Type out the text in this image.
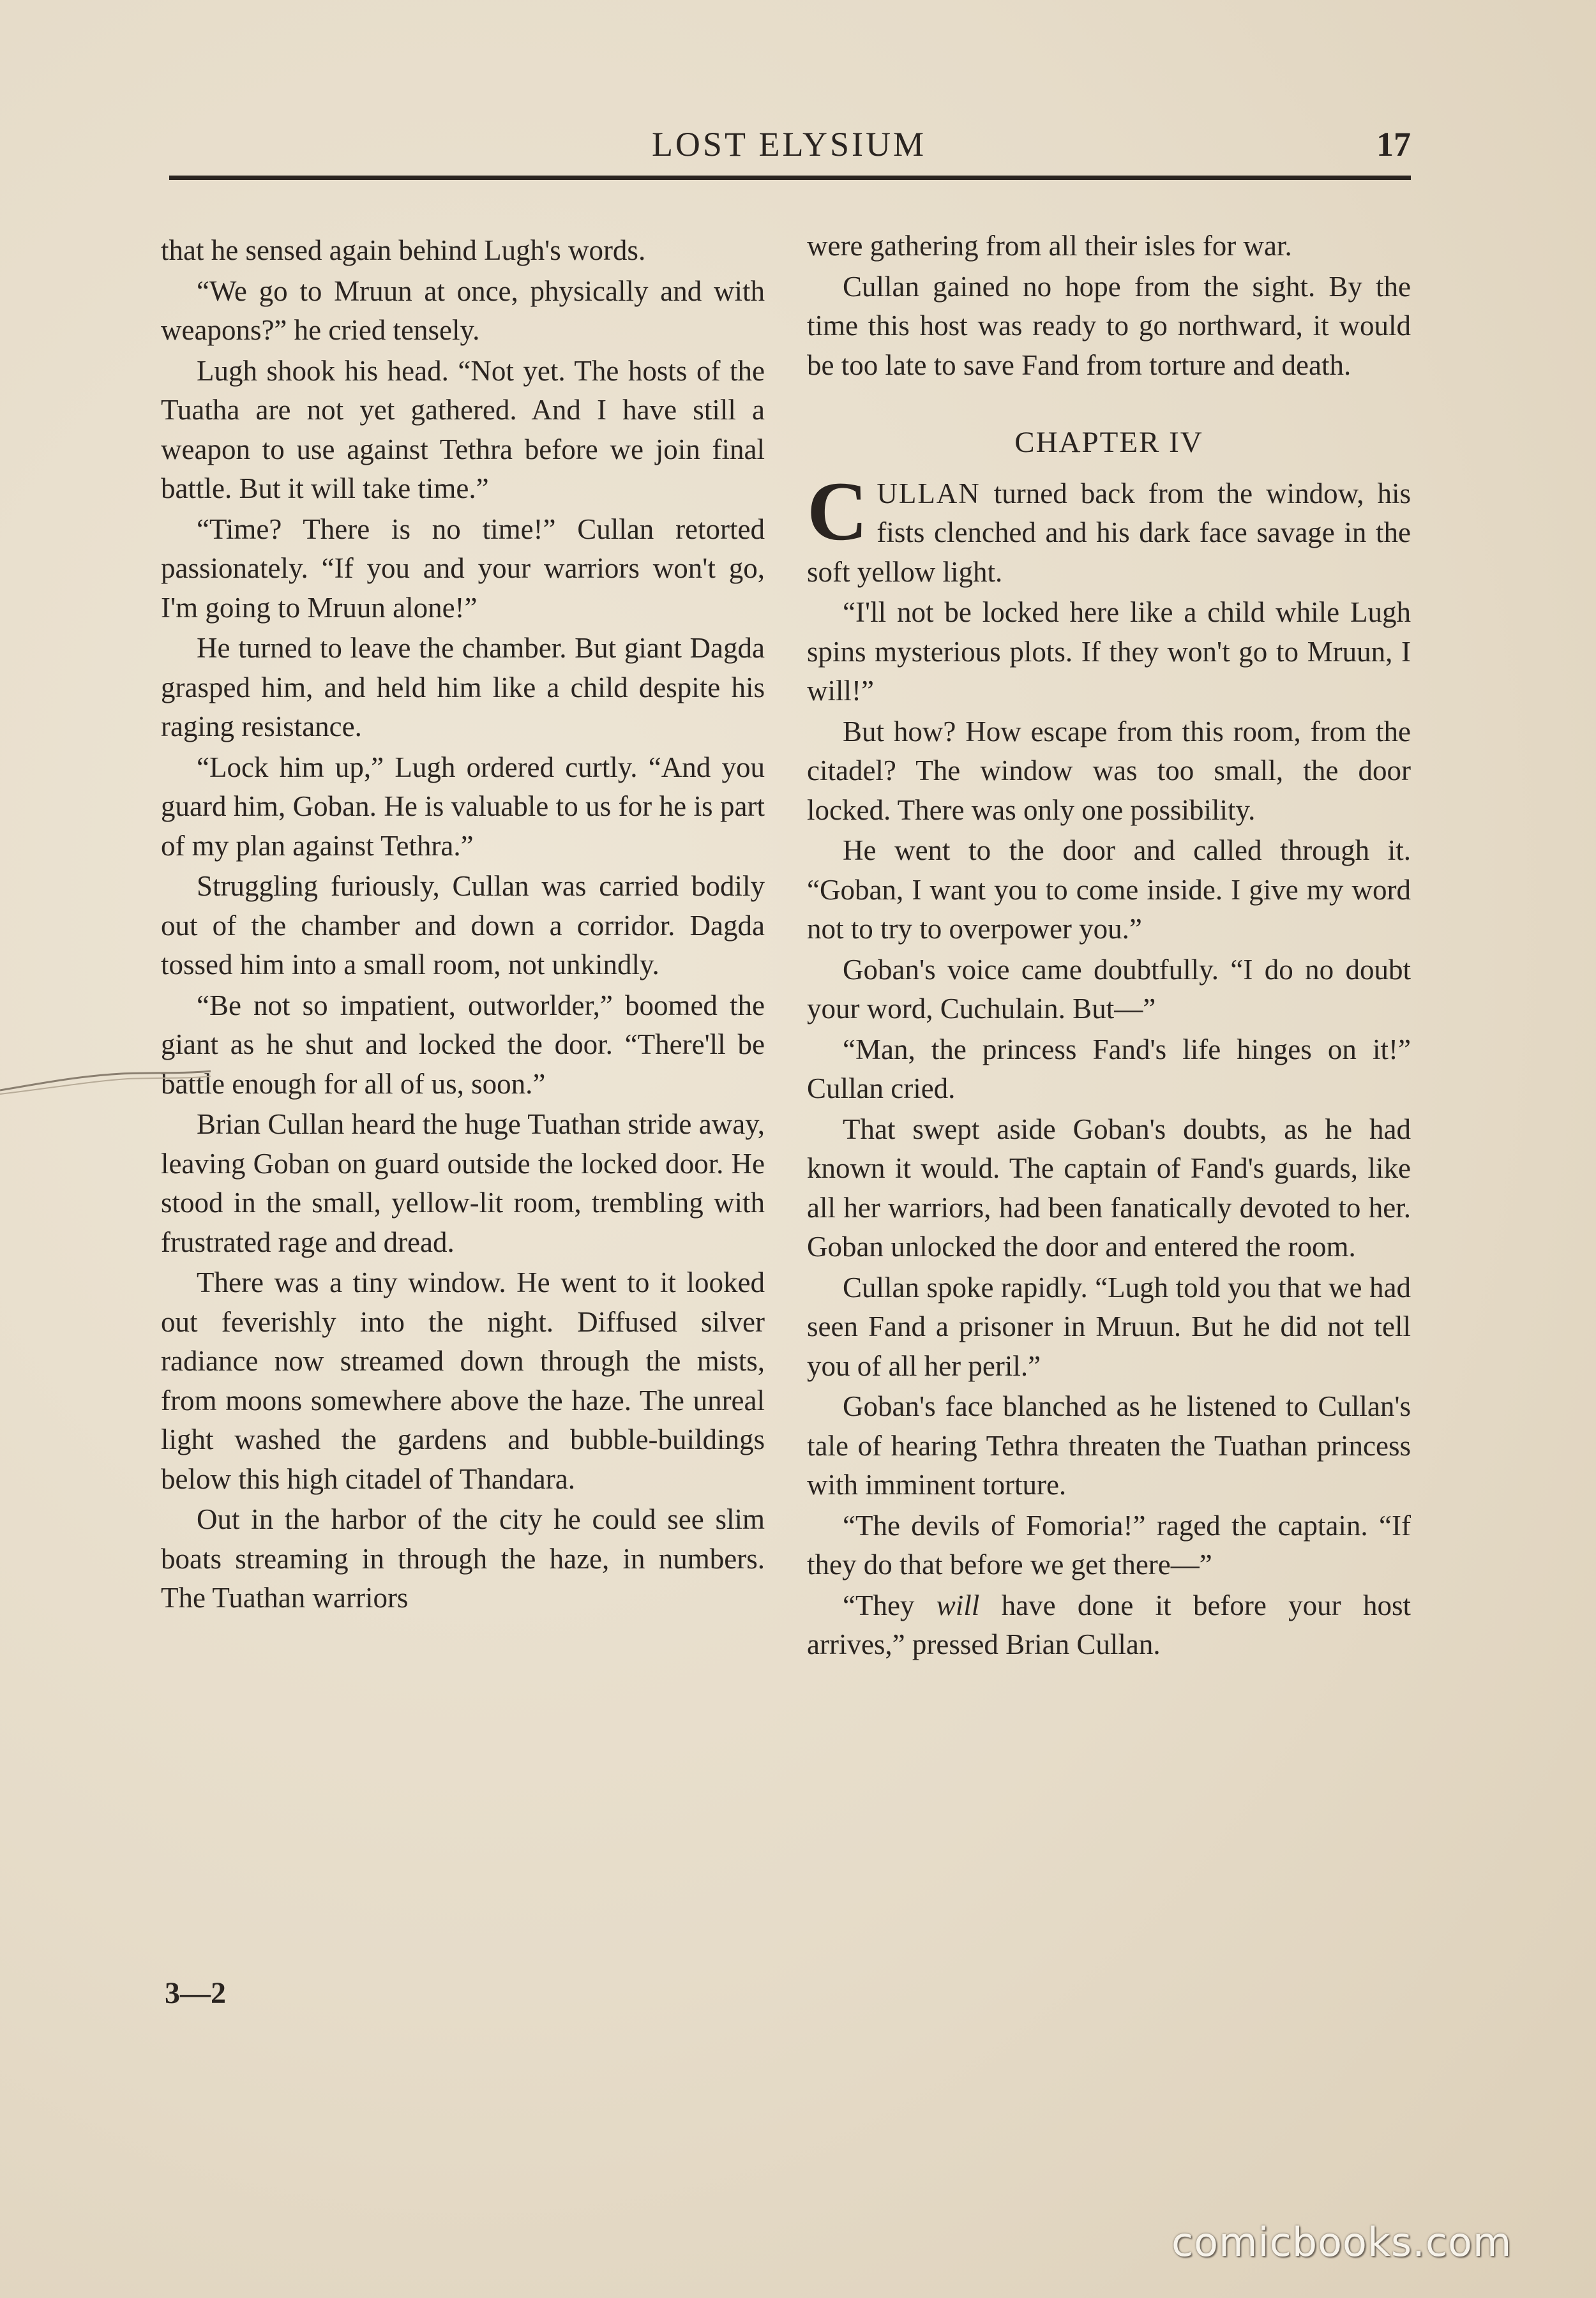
LOST ELYSIUM	17

that he sensed again behind Lugh's words.

“We go to Mruun at once, physically and with weapons?” he cried tensely.

Lugh shook his head. “Not yet. The hosts of the Tuatha are not yet gathered. And I have still a weapon to use against Tethra before we join final battle. But it will take time.”

“Time? There is no time!” Cullan retorted passionately. “If you and your warriors won't go, I'm going to Mruun alone!”

He turned to leave the chamber. But giant Dagda grasped him, and held him like a child despite his raging resistance.

“Lock him up,” Lugh ordered curtly. “And you guard him, Goban. He is valuable to us for he is part of my plan against Tethra.”

Struggling furiously, Cullan was carried bodily out of the chamber and down a corridor. Dagda tossed him into a small room, not unkindly.

“Be not so impatient, outworlder,” boomed the giant as he shut and locked the door. “There'll be battle enough for all of us, soon.”

Brian Cullan heard the huge Tuathan stride away, leaving Goban on guard outside the locked door. He stood in the small, yellow-lit room, trembling with frustrated rage and dread.

There was a tiny window. He went to it looked out feverishly into the night. Diffused silver radiance now streamed down through the mists, from moons somewhere above the haze. The unreal light washed the gardens and bubble-buildings below this high citadel of Thandara.

Out in the harbor of the city he could see slim boats streaming in through the haze, in numbers. The Tuathan warriors

were gathering from all their isles for war.

Cullan gained no hope from the sight. By the time this host was ready to go northward, it would be too late to save Fand from torture and death.

CHAPTER IV

CULLAN turned back from the window, his fists clenched and his dark face savage in the soft yellow light.

“I'll not be locked here like a child while Lugh spins mysterious plots. If they won't go to Mruun, I will!”

But how? How escape from this room, from the citadel? The window was too small, the door locked. There was only one possibility.

He went to the door and called through it. “Goban, I want you to come inside. I give my word not to try to overpower you.”

Goban's voice came doubtfully. “I do no doubt your word, Cuchulain. But—”

“Man, the princess Fand's life hinges on it!” Cullan cried.

That swept aside Goban's doubts, as he had known it would. The captain of Fand's guards, like all her warriors, had been fanatically devoted to her. Goban unlocked the door and entered the room.

Cullan spoke rapidly. “Lugh told you that we had seen Fand a prisoner in Mruun. But he did not tell you of all her peril.”

Goban's face blanched as he listened to Cullan's tale of hearing Tethra threaten the Tuathan princess with imminent torture.

“The devils of Fomoria!” raged the captain. “If they do that before we get there—”

“They will have done it before your host arrives,” pressed Brian Cullan.

3—2
comicbooks.com
